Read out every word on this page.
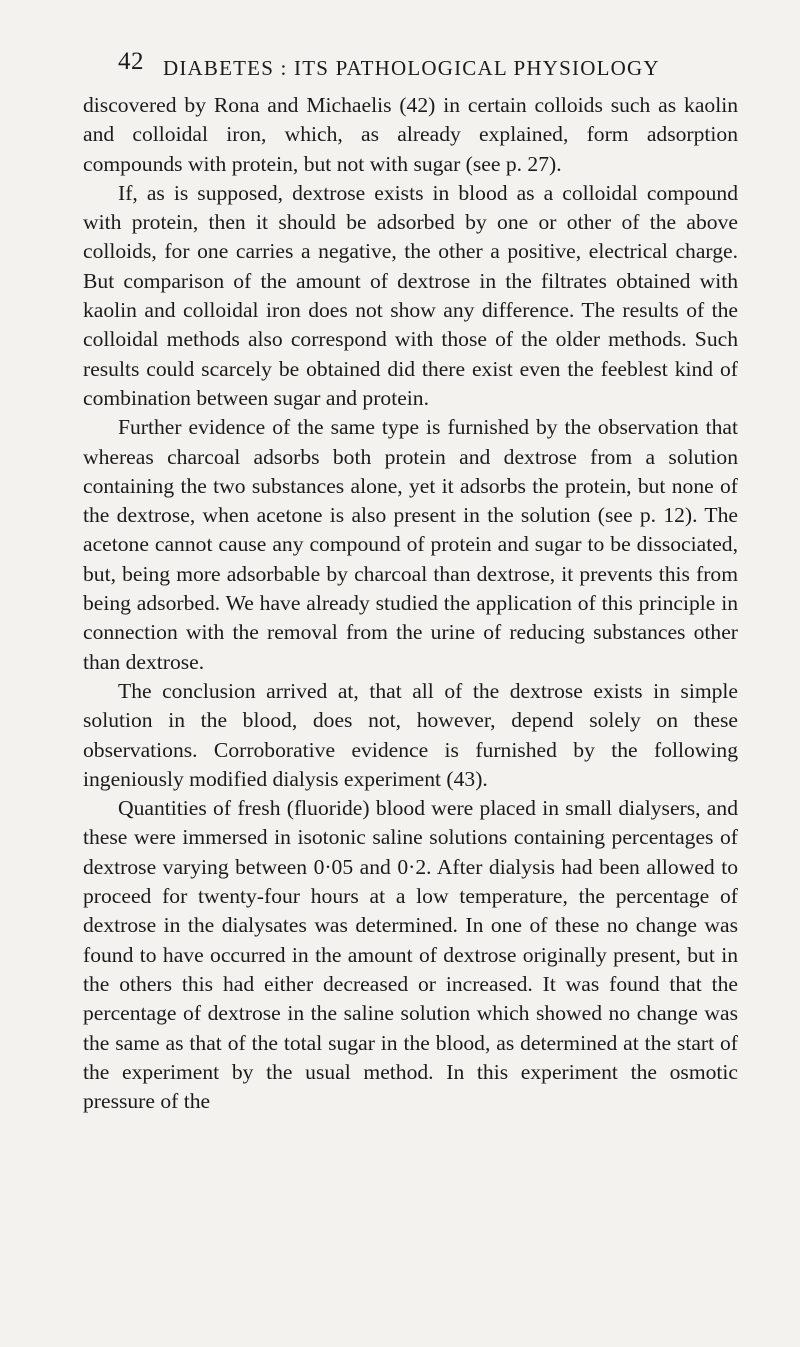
42 DIABETES : ITS PATHOLOGICAL PHYSIOLOGY

discovered by Rona and Michaelis (42) in certain colloids such as kaolin and colloidal iron, which, as already explained, form adsorption compounds with protein, but not with sugar (see p. 27).

If, as is supposed, dextrose exists in blood as a colloidal compound with protein, then it should be adsorbed by one or other of the above colloids, for one carries a negative, the other a positive, electrical charge. But comparison of the amount of dextrose in the filtrates obtained with kaolin and colloidal iron does not show any difference. The results of the colloidal methods also correspond with those of the older methods. Such results could scarcely be obtained did there exist even the feeblest kind of combination between sugar and protein.

Further evidence of the same type is furnished by the observation that whereas charcoal adsorbs both protein and dextrose from a solution containing the two substances alone, yet it adsorbs the protein, but none of the dextrose, when acetone is also present in the solution (see p. 12). The acetone cannot cause any compound of protein and sugar to be dissociated, but, being more adsorbable by charcoal than dextrose, it prevents this from being adsorbed. We have already studied the application of this principle in connection with the removal from the urine of reducing substances other than dextrose.

The conclusion arrived at, that all of the dextrose exists in simple solution in the blood, does not, however, depend solely on these observations. Corroborative evidence is furnished by the following ingeniously modified dialysis experiment (43).

Quantities of fresh (fluoride) blood were placed in small dialysers, and these were immersed in isotonic saline solutions containing percentages of dextrose varying between 0·05 and 0·2. After dialysis had been allowed to proceed for twenty-four hours at a low temperature, the percentage of dextrose in the dialysates was determined. In one of these no change was found to have occurred in the amount of dextrose originally present, but in the others this had either decreased or increased. It was found that the percentage of dextrose in the saline solution which showed no change was the same as that of the total sugar in the blood, as determined at the start of the experiment by the usual method. In this experiment the osmotic pressure of the
